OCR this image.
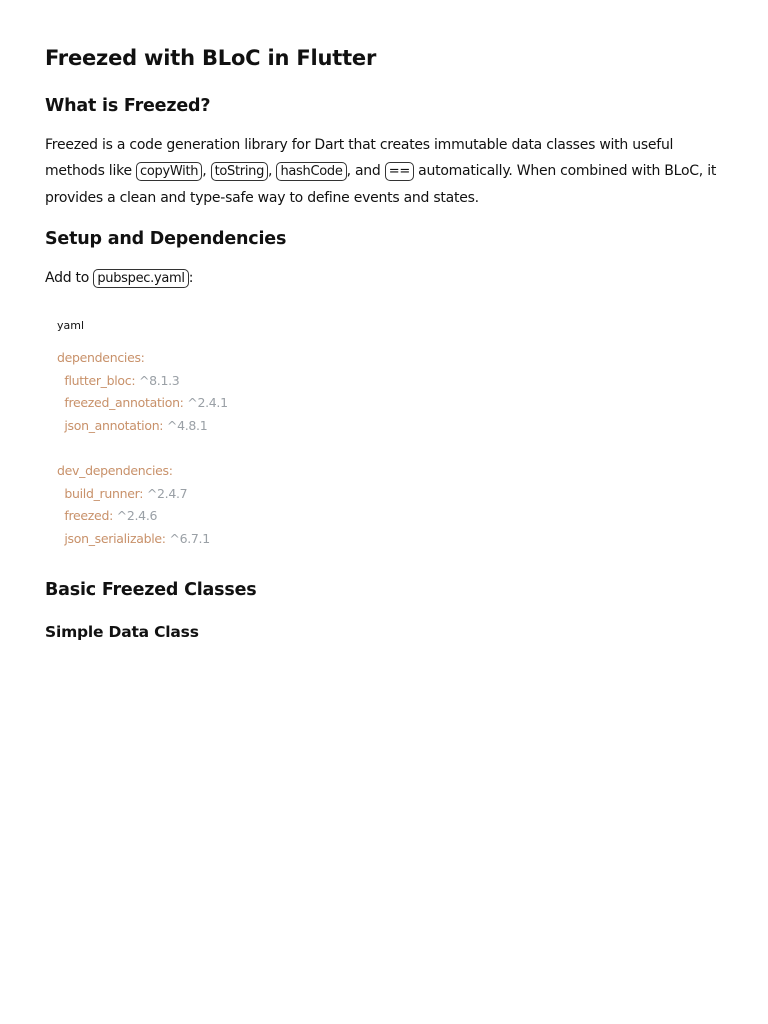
Freezed with BLoC in Flutter
What is Freezed?

Freezed is a code generation library for Dart that creates immutable data classes with useful methods like copyWith , toString , hashCode , and == automatically. When combined with BLoC, it provides a clean and type-safe way to define events and states.

Setup and Dependencies

Add to pubspec.yaml :

yaml
dependencies:
flutter_bloc: ^8.1.3
freezed_annotation: ^2.4.1
json_annotation: ^4.8.1

dev_dependencies:
build_runner: ^2.4.7
freezed: ^2.4.6
json_serializable: ^6.7.1
Basic Freezed Classes
Simple Data Class
